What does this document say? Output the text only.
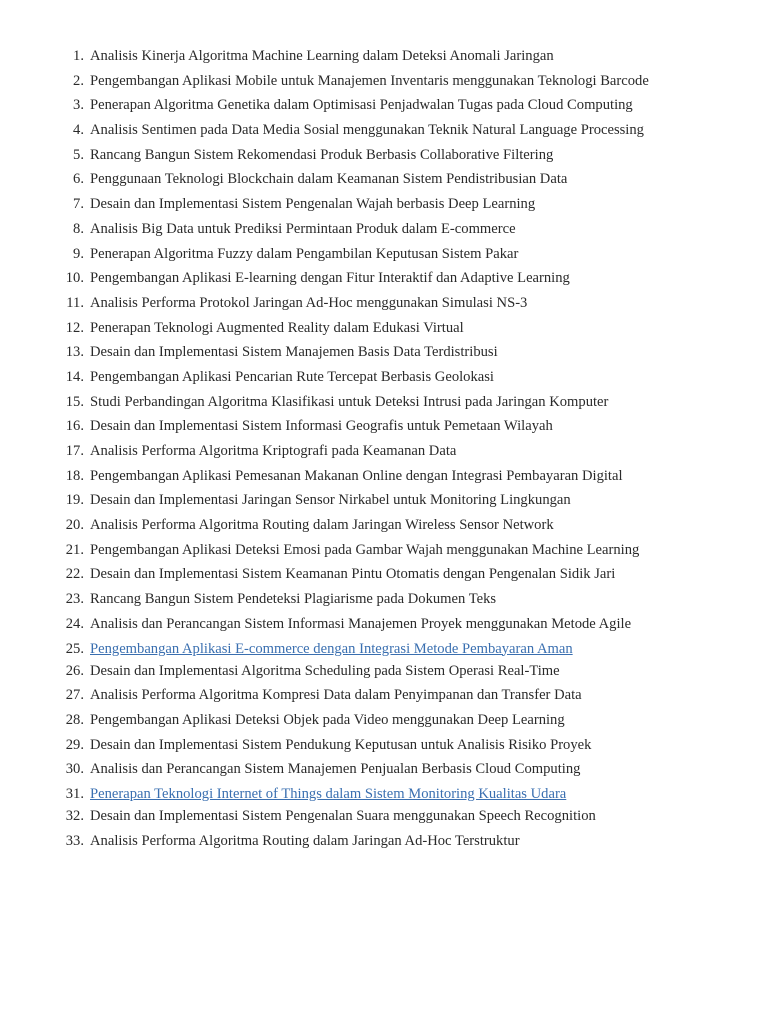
1. Analisis Kinerja Algoritma Machine Learning dalam Deteksi Anomali Jaringan
2. Pengembangan Aplikasi Mobile untuk Manajemen Inventaris menggunakan Teknologi Barcode
3. Penerapan Algoritma Genetika dalam Optimisasi Penjadwalan Tugas pada Cloud Computing
4. Analisis Sentimen pada Data Media Sosial menggunakan Teknik Natural Language Processing
5. Rancang Bangun Sistem Rekomendasi Produk Berbasis Collaborative Filtering
6. Penggunaan Teknologi Blockchain dalam Keamanan Sistem Pendistribusian Data
7. Desain dan Implementasi Sistem Pengenalan Wajah berbasis Deep Learning
8. Analisis Big Data untuk Prediksi Permintaan Produk dalam E-commerce
9. Penerapan Algoritma Fuzzy dalam Pengambilan Keputusan Sistem Pakar
10. Pengembangan Aplikasi E-learning dengan Fitur Interaktif dan Adaptive Learning
11. Analisis Performa Protokol Jaringan Ad-Hoc menggunakan Simulasi NS-3
12. Penerapan Teknologi Augmented Reality dalam Edukasi Virtual
13. Desain dan Implementasi Sistem Manajemen Basis Data Terdistribusi
14. Pengembangan Aplikasi Pencarian Rute Tercepat Berbasis Geolokasi
15. Studi Perbandingan Algoritma Klasifikasi untuk Deteksi Intrusi pada Jaringan Komputer
16. Desain dan Implementasi Sistem Informasi Geografis untuk Pemetaan Wilayah
17. Analisis Performa Algoritma Kriptografi pada Keamanan Data
18. Pengembangan Aplikasi Pemesanan Makanan Online dengan Integrasi Pembayaran Digital
19. Desain dan Implementasi Jaringan Sensor Nirkabel untuk Monitoring Lingkungan
20. Analisis Performa Algoritma Routing dalam Jaringan Wireless Sensor Network
21. Pengembangan Aplikasi Deteksi Emosi pada Gambar Wajah menggunakan Machine Learning
22. Desain dan Implementasi Sistem Keamanan Pintu Otomatis dengan Pengenalan Sidik Jari
23. Rancang Bangun Sistem Pendeteksi Plagiarisme pada Dokumen Teks
24. Analisis dan Perancangan Sistem Informasi Manajemen Proyek menggunakan Metode Agile
25. Pengembangan Aplikasi E-commerce dengan Integrasi Metode Pembayaran Aman
26. Desain dan Implementasi Algoritma Scheduling pada Sistem Operasi Real-Time
27. Analisis Performa Algoritma Kompresi Data dalam Penyimpanan dan Transfer Data
28. Pengembangan Aplikasi Deteksi Objek pada Video menggunakan Deep Learning
29. Desain dan Implementasi Sistem Pendukung Keputusan untuk Analisis Risiko Proyek
30. Analisis dan Perancangan Sistem Manajemen Penjualan Berbasis Cloud Computing
31. Penerapan Teknologi Internet of Things dalam Sistem Monitoring Kualitas Udara
32. Desain dan Implementasi Sistem Pengenalan Suara menggunakan Speech Recognition
33. Analisis Performa Algoritma Routing dalam Jaringan Ad-Hoc Terstruktur
